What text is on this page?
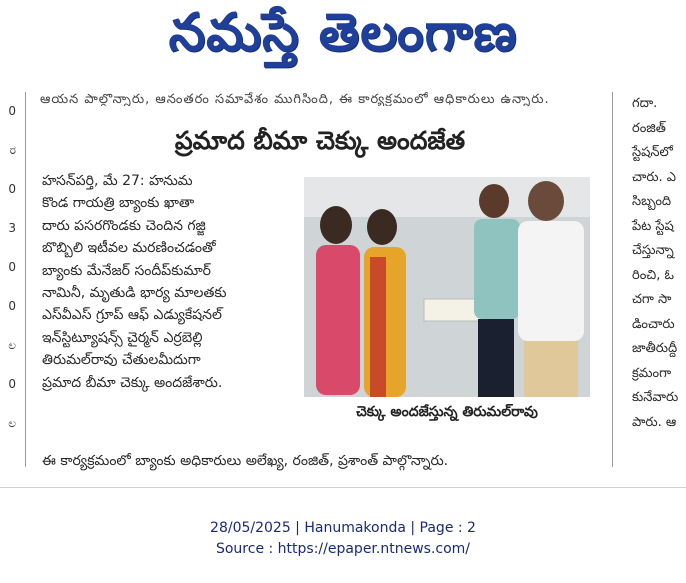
నమస్తే తెలంగాణ
0
ರ
0
3
0
0
ಲ
0
ಲ
ఆయన పాల్గొన్నారు, ఆనంతరం సమావేశం ముగిసింది, ఈ కార్యక్రమంలో ఆధికారులు ఉన్నారు.
ప్రమాద బీమా చెక్కు అందజేత

హసన్‌పర్తి, మే 27: హనుమ

కొండ గాయత్రి బ్యాంకు ఖాతా

దారు పసరగొండకు చెందిన గజ్జి

బొబ్బిలి ఇటీవల మరణించడంతో

బ్యాంకు మేనేజర్ సందీప్‌కుమార్

నామినీ, మృతుడి భార్య మాలతకు

ఎస్‌వీఎస్ గ్రూప్ ఆఫ్ ఎడ్యుకేషనల్

ఇన్‌స్టిట్యూషన్స్ చైర్మన్ ఎర్రబెల్లి

తిరుమల్‌రావు చేతులమీదుగా

ప్రమాద బీమా చెక్కు అందజేశారు.

చెక్కు అందజేస్తున్న తిరుమల్‌రావు
ఈ కార్యక్రమంలో బ్యాంకు అధికారులు అలేఖ్య, రంజిత్, ప్రశాంత్ పాల్గొన్నారు.
గదా.
రంజిత్
స్టేషన్‌లో
చారు. ఎ
సిబ్బంది
పేట స్టేష
చేస్తున్నా
రించి, ఓ
చగా సా
డించారు
జాతీరుద్దీ
క్రమంగా
కునేవారు
పారు. ఆ
28/05/2025 | Hanumakonda | Page : 2
Source : https://epaper.ntnews.com/
